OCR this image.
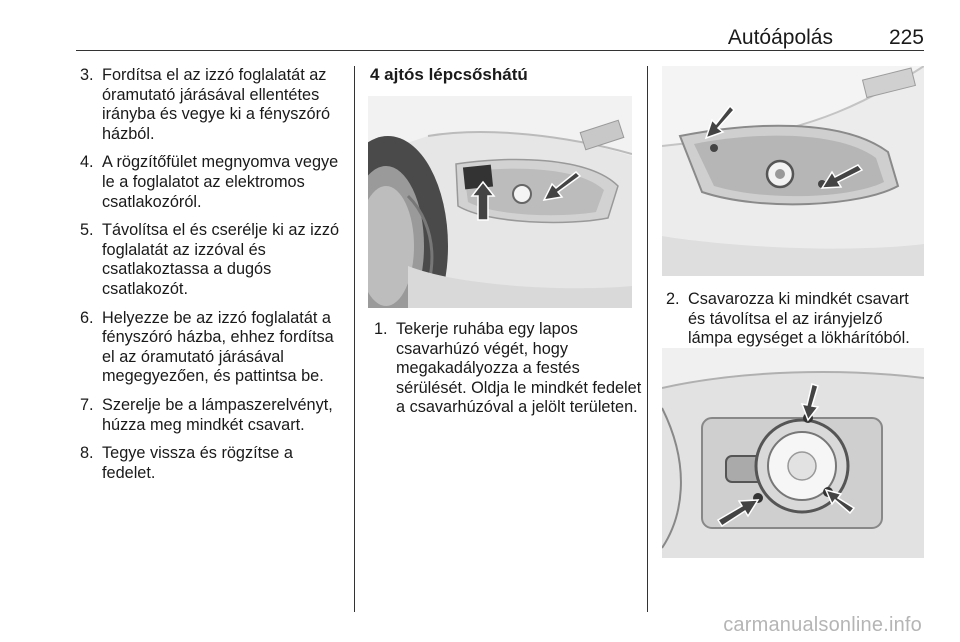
Autóápolás	225
3. Fordítsa el az izzó foglalatát az óramutató járásával ellentétes irányba és vegye ki a fényszóró házból.
4. A rögzítőfület megnyomva vegye le a foglalatot az elektromos csatlakozóról.
5. Távolítsa el és cserélje ki az izzó foglalatát az izzóval és csatlakoztassa a dugós csatlakozót.
6. Helyezze be az izzó foglalatát a fényszóró házba, ehhez fordítsa el az óramutató járásával megegyezően, és pattintsa be.
7. Szerelje be a lámpaszerelvényt, húzza meg mindkét csavart.
8. Tegye vissza és rögzítse a fedelet.
4 ajtós lépcsőshátú
1. Tekerje ruhába egy lapos csavarhúzó végét, hogy megakadályozza a festés sérülését. Oldja le mindkét fedelet a csavarhúzóval a jelölt területen.
2. Csavarozza ki mindkét csavart és távolítsa el az irányjelző lámpa egységet a lökhárítóból.
carmanualsonline.info
